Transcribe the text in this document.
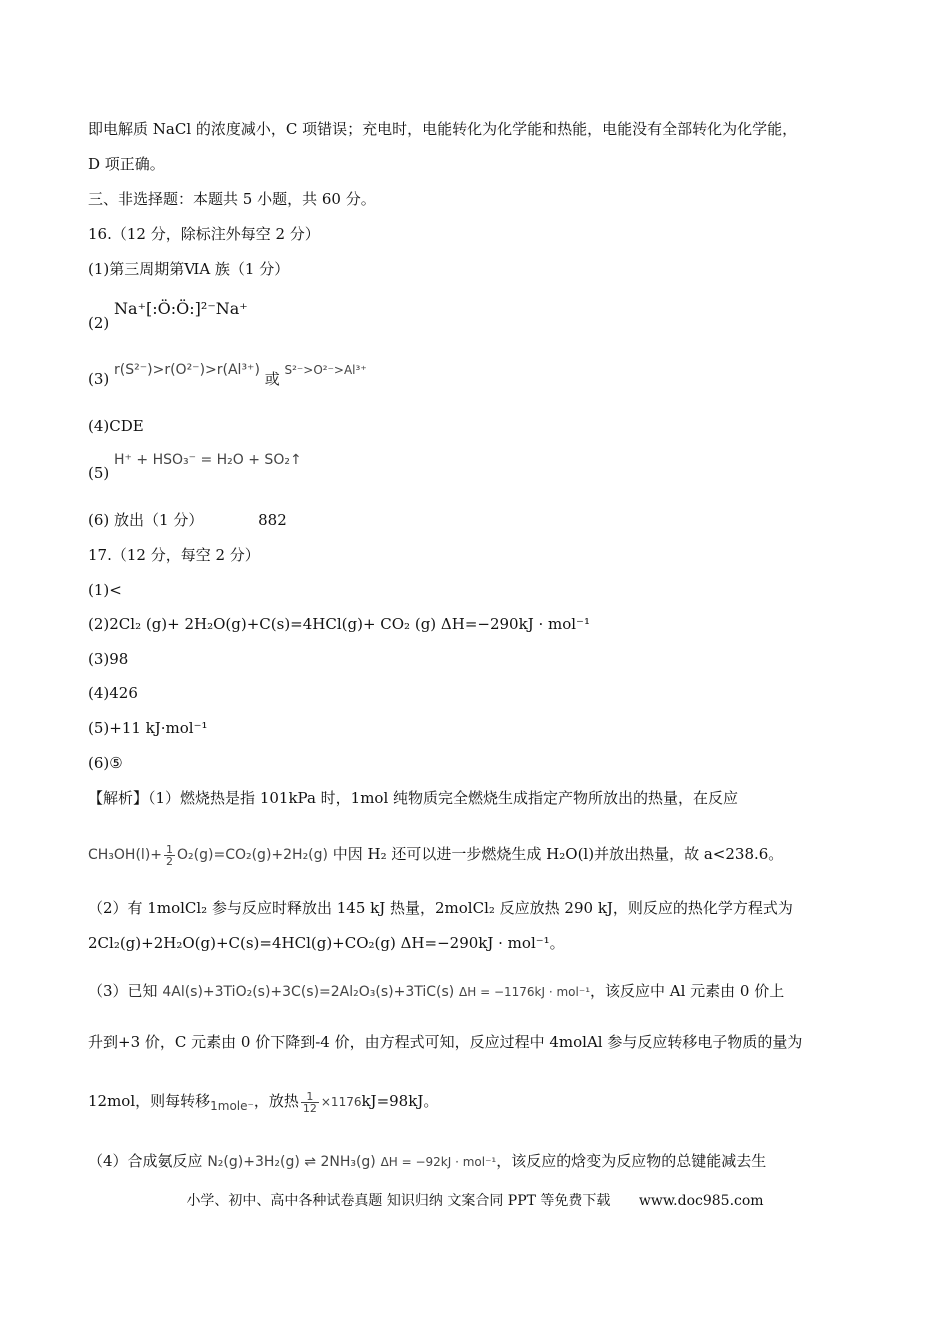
即电解质 NaCl 的浓度减小，C 项错误；充电时，电能转化为化学能和热能，电能没有全部转化为化学能，
D 项正确。
三、非选择题：本题共 5 小题，共 60 分。
16.（12 分，除标注外每空 2 分）
(1)第三周期第ⅥA 族（1 分）
(2) Na⁺[:Ö:Ö:]²⁻Na⁺
(3) r(S²⁻)>r(O²⁻)>r(Al³⁺) 或 S²⁻>O²⁻>Al³⁺
(4)CDE
(5) H⁺ + HSO₃⁻ = H₂O + SO₂↑
(6) 放出（1 分）	882
17.（12 分，每空 2 分）
(1)<
(2)2Cl₂ (g)+ 2H₂O(g)+C(s)=4HCl(g)+ CO₂ (g) ΔH=−290kJ · mol⁻¹
(3)98
(4)426
(5)+11 kJ·mol⁻¹
(6)⑤
【解析】（1）燃烧热是指 101kPa 时，1mol 纯物质完全燃烧生成指定产物所放出的热量，在反应
$CH_3OH(l)+ \frac{1}{2} O_2(g)=CO_2(g)+2H_2(g)$ 中因 H₂ 还可以进一步燃烧生成 H₂O(l)并放出热量，故 a<238.6。
（2）有 1molCl₂ 参与反应时释放出 145 kJ 热量，2molCl₂ 反应放热 290 kJ，则反应的热化学方程式为
2Cl₂(g)+2H₂O(g)+C(s)=4HCl(g)+CO₂(g) ΔH=−290kJ · mol⁻¹。
（3）已知 4Al(s)+3TiO₂(s)+3C(s)=2Al₂O₃(s)+3TiC(s) ΔH = −1176kJ · mol⁻¹，该反应中 Al 元素由 0 价上
升到+3 价，C 元素由 0 价下降到-4 价，由方程式可知，反应过程中 4molAl 参与反应转移电子物质的量为
12mol，则每转移$_{1mole^-}$，放热 $\frac{1}{12} \times 1176kJ=98kJ$。
（4）合成氨反应 N₂(g)+3H₂(g) ⇌ 2NH₃(g) ΔH = −92kJ · mol⁻¹，该反应的焓变为反应物的总键能减去生
小学、初中、高中各种试卷真题 知识归纳 文案合同 PPT 等免费下载 www.doc985.com
